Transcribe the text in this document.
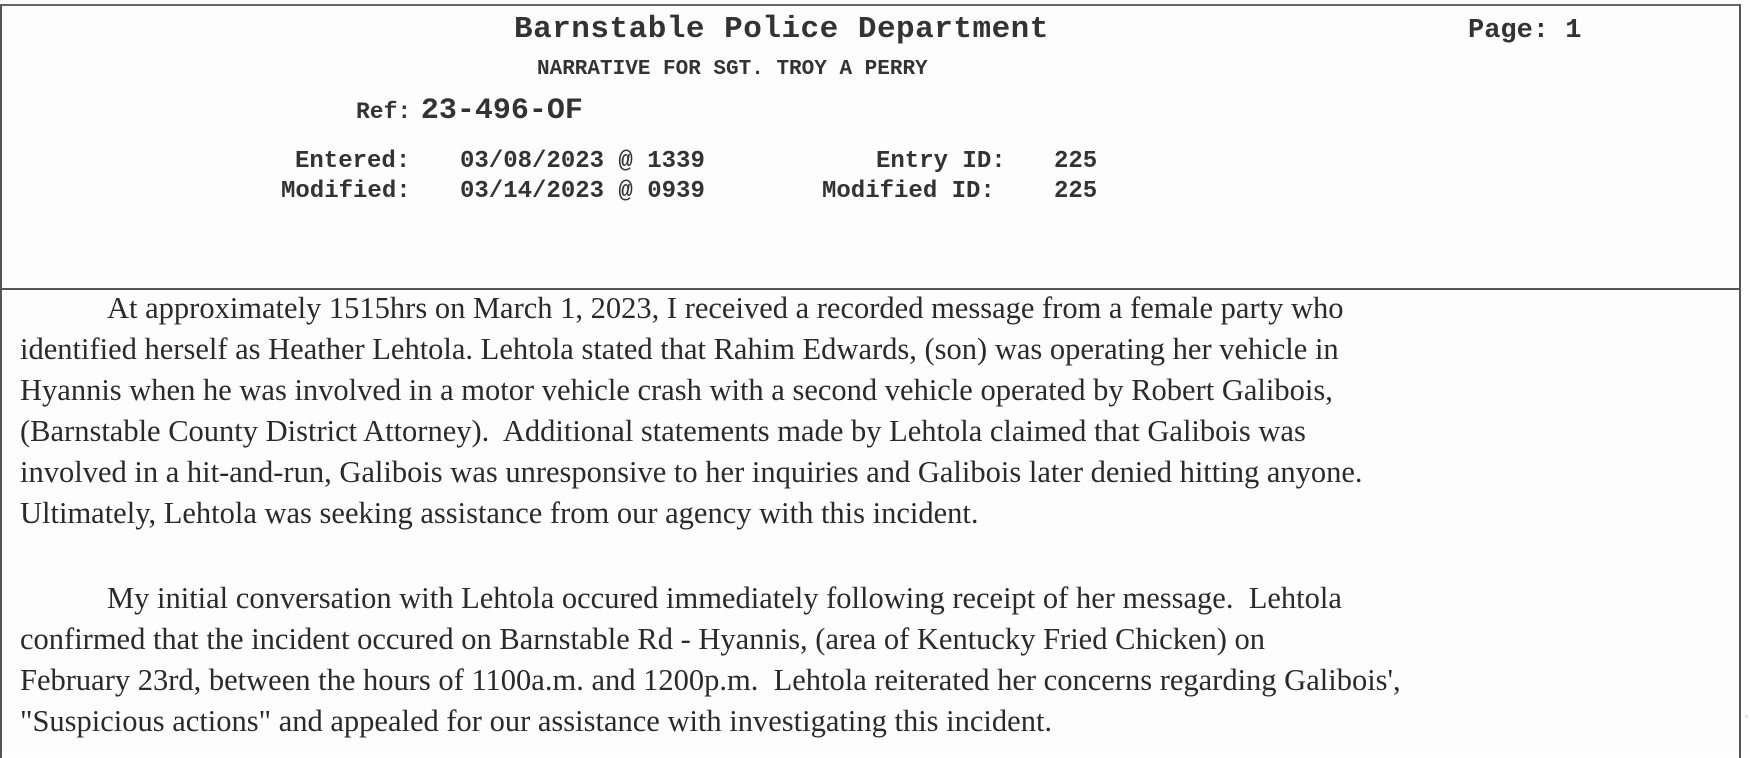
Barnstable Police Department	Page: 1
NARRATIVE FOR SGT. TROY A PERRY
Ref: 23-496-OF
Entered: 03/08/2023 @ 1339	Entry ID: 225
Modified: 03/14/2023 @ 0939	Modified ID: 225

At approximately 1515hrs on March 1, 2023, I received a recorded message from a female party who
identified herself as Heather Lehtola. Lehtola stated that Rahim Edwards, (son) was operating her vehicle in
Hyannis when he was involved in a motor vehicle crash with a second vehicle operated by Robert Galibois,
(Barnstable County District Attorney).  Additional statements made by Lehtola claimed that Galibois was
involved in a hit-and-run, Galibois was unresponsive to her inquiries and Galibois later denied hitting anyone.
Ultimately, Lehtola was seeking assistance from our agency with this incident.

My initial conversation with Lehtola occured immediately following receipt of her message.  Lehtola
confirmed that the incident occured on Barnstable Rd - Hyannis, (area of Kentucky Fried Chicken) on
February 23rd, between the hours of 1100a.m. and 1200p.m.  Lehtola reiterated her concerns regarding Galibois',
"Suspicious actions" and appealed for our assistance with investigating this incident.
